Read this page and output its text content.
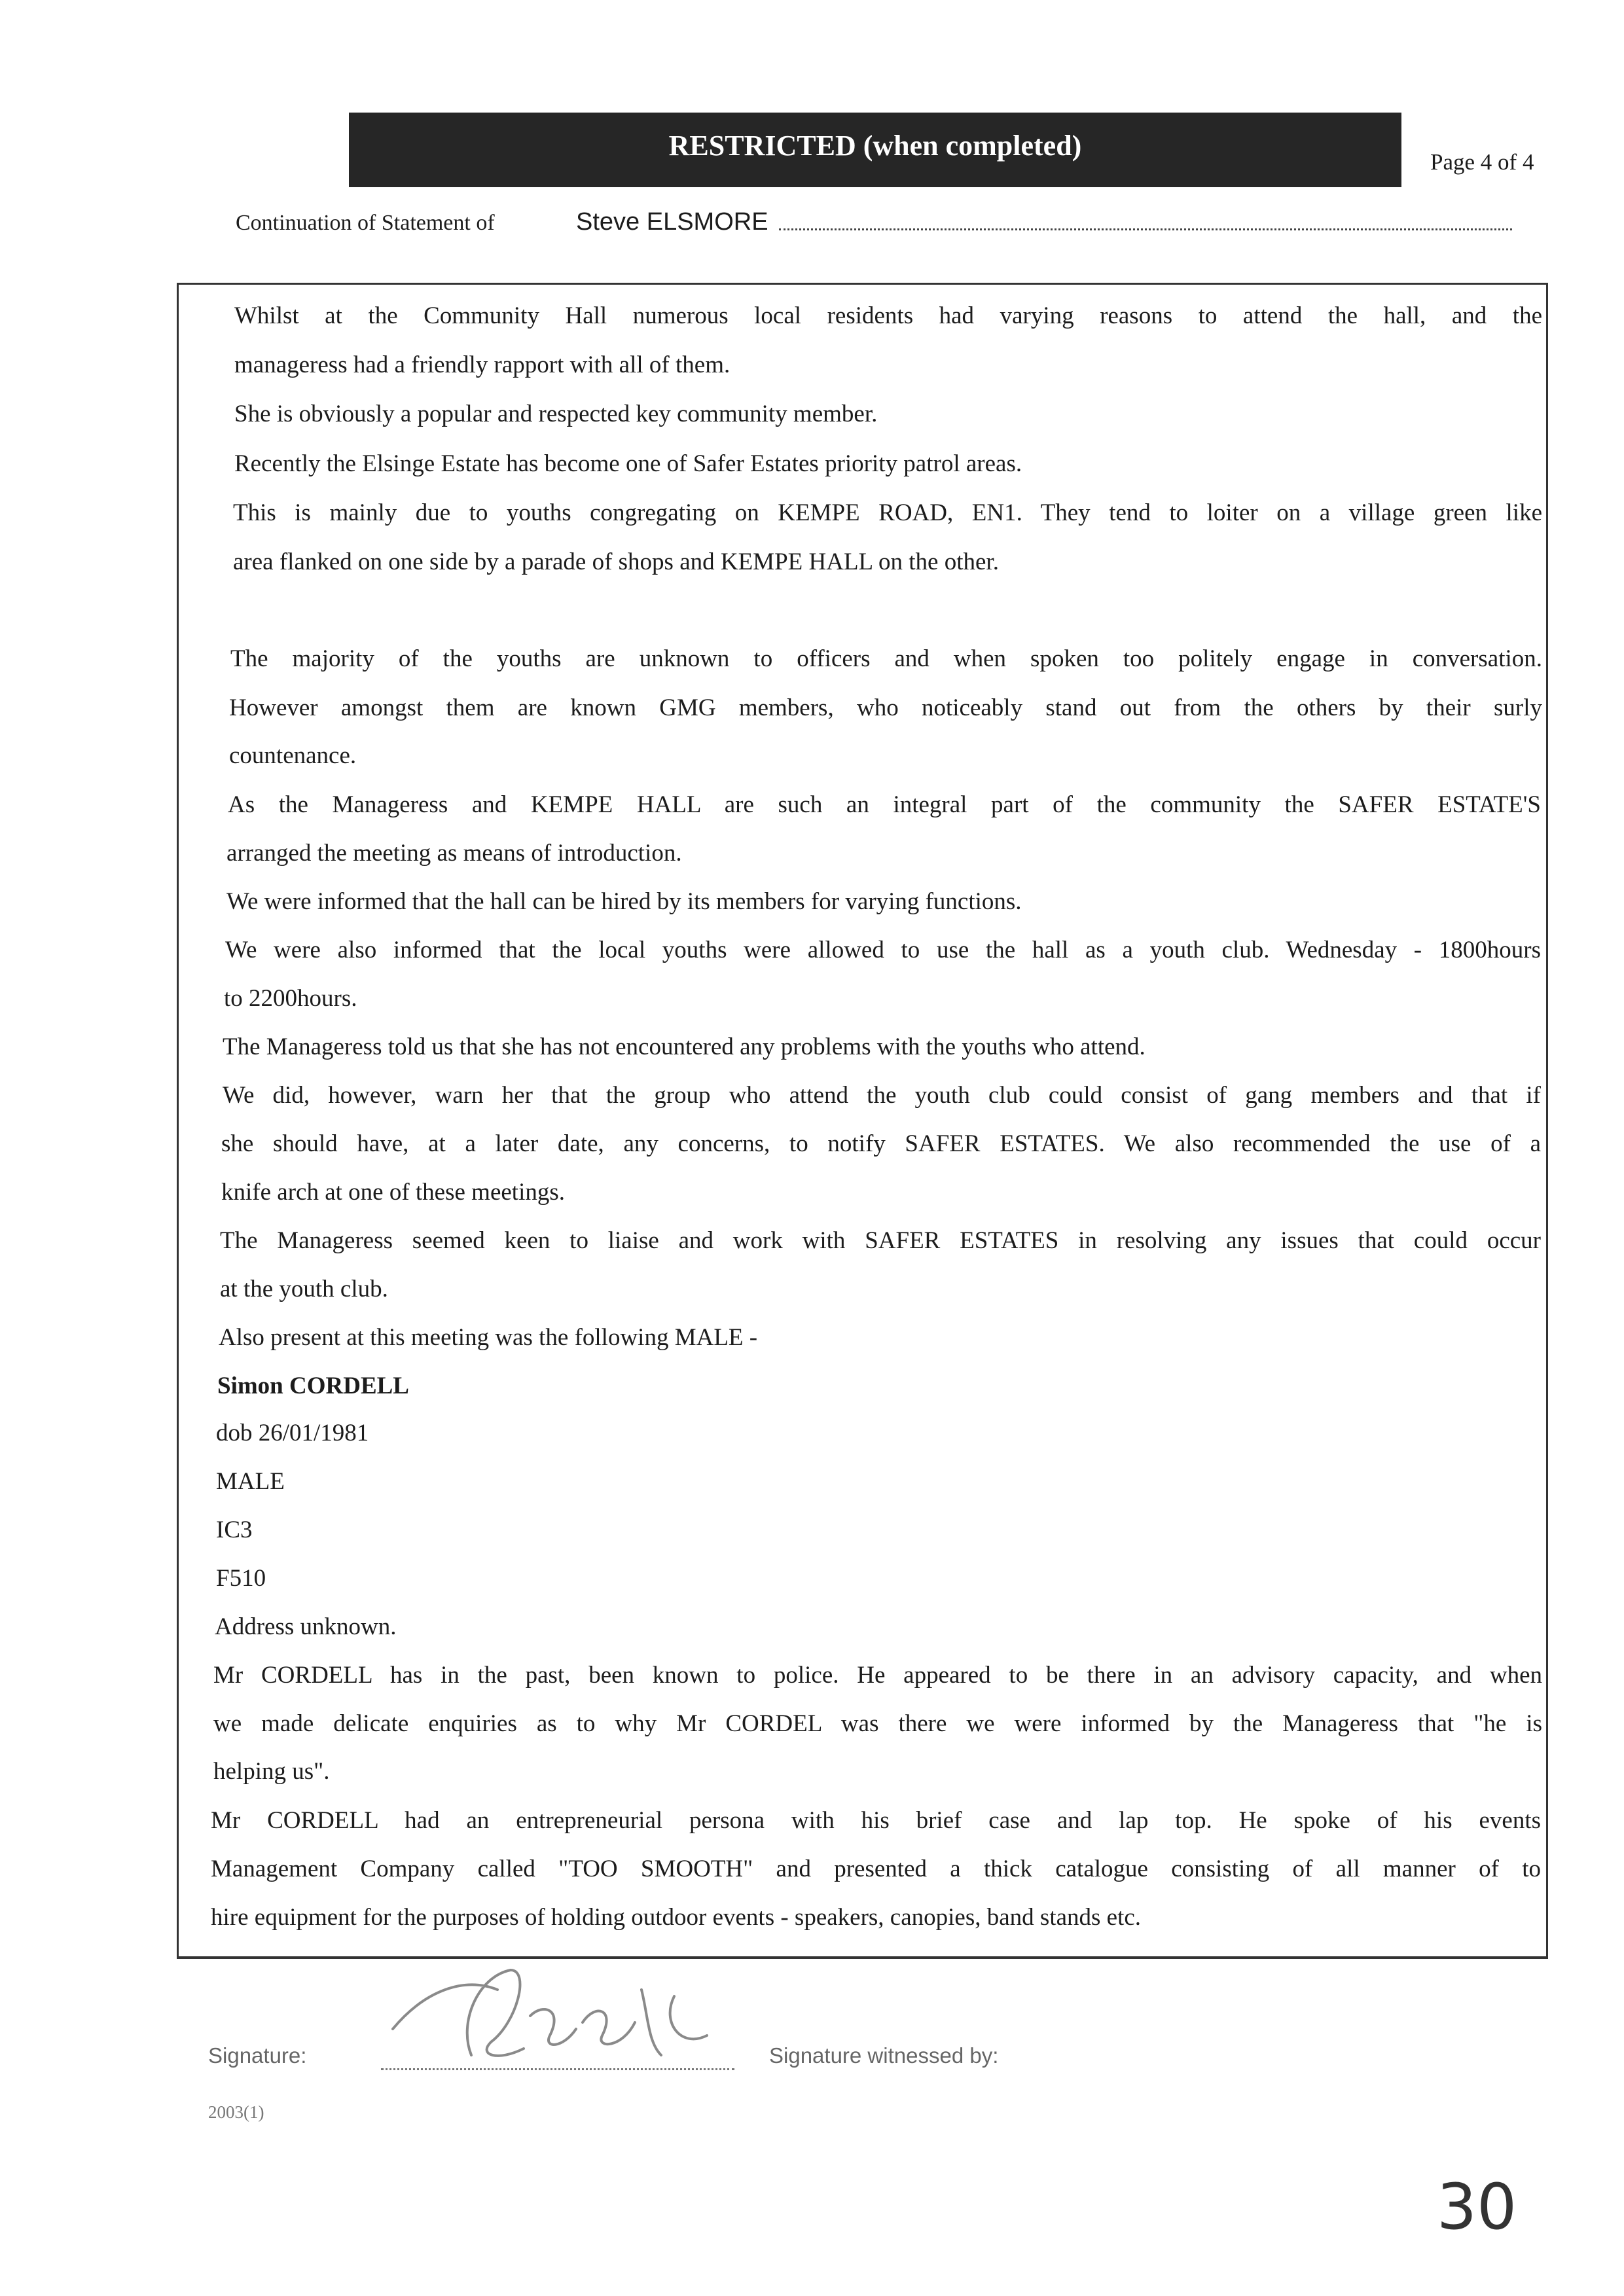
RESTRICTED (when completed)
Page 4 of 4
Continuation of Statement of	Steve ELSMORE
Whilst at the Community Hall numerous local residents had varying reasons to attend the hall, and the
manageress had a friendly rapport with all of them.
She is obviously a popular and respected key community member.
Recently the Elsinge Estate has become one of Safer Estates priority patrol areas.
This is mainly due to youths congregating on KEMPE ROAD, EN1. They tend to loiter on a village green like
area flanked on one side by a parade of shops and KEMPE HALL on the other.
The majority of the youths are unknown to officers and when spoken too politely engage in conversation.
However amongst them are known GMG members, who noticeably stand out from the others by their surly
countenance.
As the Manageress and KEMPE HALL are such an integral part of the community the SAFER ESTATE'S
arranged the meeting as means of introduction.
We were informed that the hall can be hired by its members for varying functions.
We were also informed that the local youths were allowed to use the hall as a youth club. Wednesday - 1800hours
to 2200hours.
The Manageress told us that she has not encountered any problems with the youths who attend.
We did, however, warn her that the group who attend the youth club could consist of gang members and that if
she should have, at a later date, any concerns, to notify SAFER ESTATES. We also recommended the use of a
knife arch at one of these meetings.
The Manageress seemed keen to liaise and work with SAFER ESTATES in resolving any issues that could occur
at the youth club.
Also present at this meeting was the following MALE -
Simon CORDELL
dob 26/01/1981
MALE
IC3
F510
Address unknown.
Mr CORDELL has in the past, been known to police. He appeared to be there in an advisory capacity, and when
we made delicate enquiries as to why Mr CORDEL was there we were informed by the Manageress that "he is
helping us".
Mr CORDELL had an entrepreneurial persona with his brief case and lap top. He spoke of his events
Management Company called "TOO SMOOTH" and presented a thick catalogue consisting of all manner of to
hire equipment for the purposes of holding outdoor events - speakers, canopies, band stands etc.
Signature:	Signature witnessed by:
2003(1)
30
